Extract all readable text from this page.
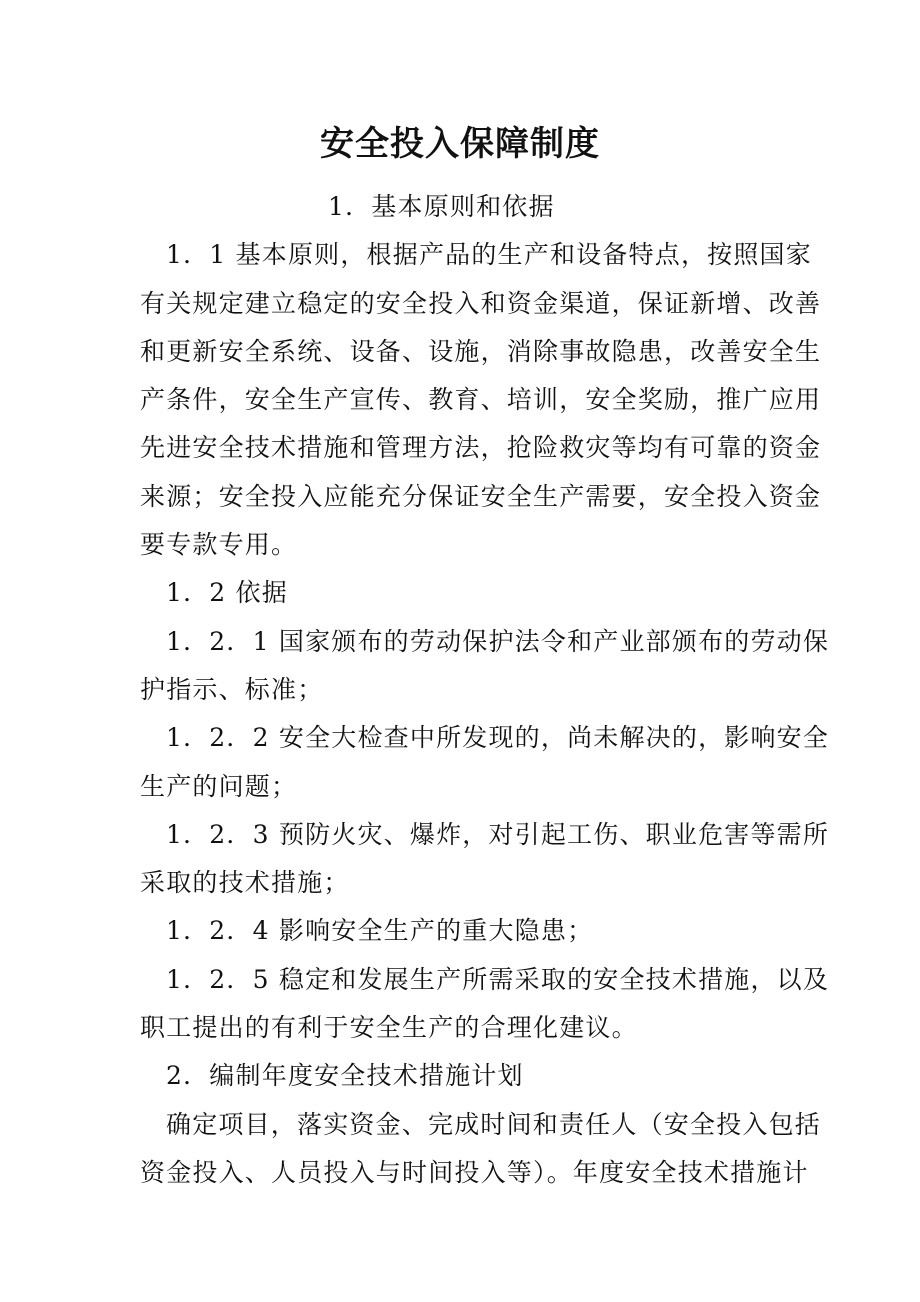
安全投入保障制度
1．基本原则和依据
1．1 基本原则，根据产品的生产和设备特点，按照国家
有关规定建立稳定的安全投入和资金渠道，保证新增、改善
和更新安全系统、设备、设施，消除事故隐患，改善安全生
产条件，安全生产宣传、教育、培训，安全奖励，推广应用
先进安全技术措施和管理方法，抢险救灾等均有可靠的资金
来源；安全投入应能充分保证安全生产需要，安全投入资金
要专款专用。
1．2 依据
1．2．1 国家颁布的劳动保护法令和产业部颁布的劳动保
护指示、标准；
1．2．2 安全大检查中所发现的，尚未解决的，影响安全
生产的问题；
1．2．3 预防火灾、爆炸，对引起工伤、职业危害等需所
采取的技术措施；
1．2．4 影响安全生产的重大隐患；
1．2．5 稳定和发展生产所需采取的安全技术措施，以及
职工提出的有利于安全生产的合理化建议。
2．编制年度安全技术措施计划
确定项目，落实资金、完成时间和责任人（安全投入包括
资金投入、人员投入与时间投入等）。年度安全技术措施计
